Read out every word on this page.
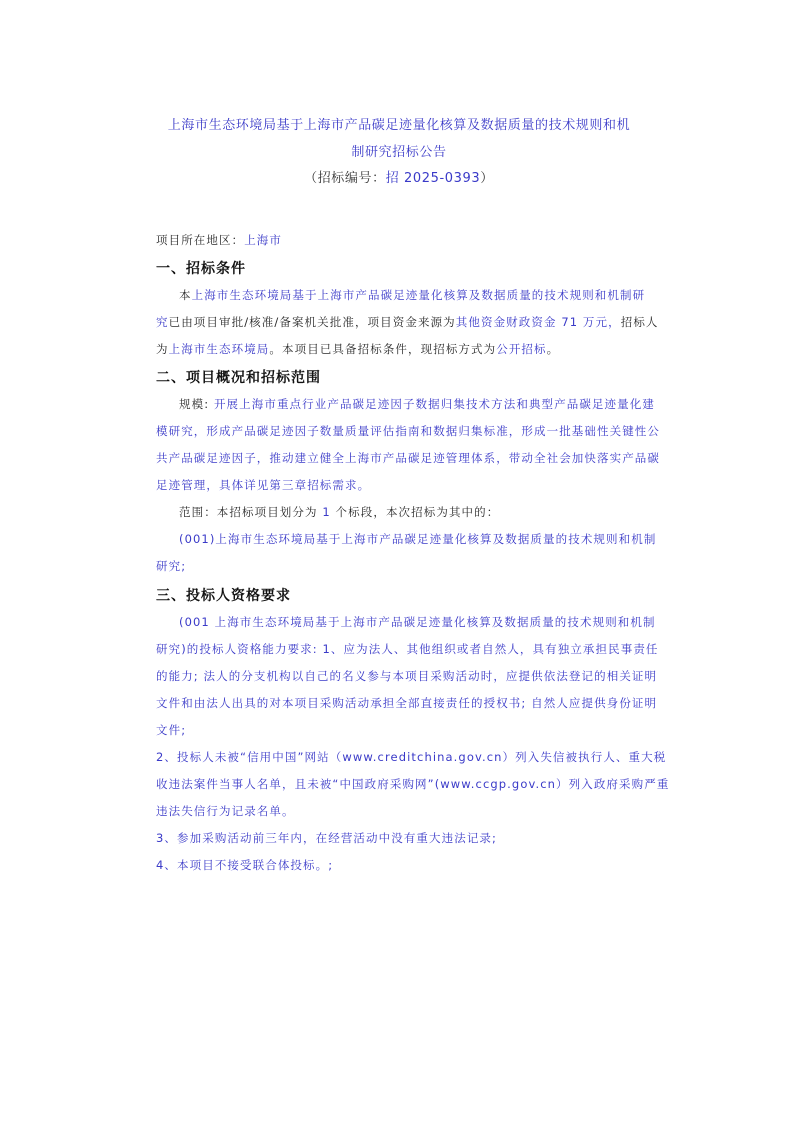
上海市生态环境局基于上海市产品碳足迹量化核算及数据质量的技术规则和机
制研究招标公告
（招标编号：招 2025-0393）
项目所在地区：上海市
一、招标条件
本上海市生态环境局基于上海市产品碳足迹量化核算及数据质量的技术规则和机制研
究已由项目审批/核准/备案机关批准，项目资金来源为其他资金财政资金 71 万元，招标人
为上海市生态环境局。本项目已具备招标条件，现招标方式为公开招标。
二、项目概况和招标范围
规模: 开展上海市重点行业产品碳足迹因子数据归集技术方法和典型产品碳足迹量化建
模研究，形成产品碳足迹因子数量质量评估指南和数据归集标准，形成一批基础性关键性公
共产品碳足迹因子，推动建立健全上海市产品碳足迹管理体系，带动全社会加快落实产品碳
足迹管理，具体详见第三章招标需求。
范围：本招标项目划分为 1 个标段，本次招标为其中的：
(001)上海市生态环境局基于上海市产品碳足迹量化核算及数据质量的技术规则和机制
研究;
三、投标人资格要求
(001 上海市生态环境局基于上海市产品碳足迹量化核算及数据质量的技术规则和机制
研究)的投标人资格能力要求: 1、应为法人、其他组织或者自然人，具有独立承担民事责任
的能力; 法人的分支机构以自己的名义参与本项目采购活动时，应提供依法登记的相关证明
文件和由法人出具的对本项目采购活动承担全部直接责任的授权书; 自然人应提供身份证明
文件;
2、投标人未被“信用中国”网站（www.creditchina.gov.cn）列入失信被执行人、重大税
收违法案件当事人名单，且未被“中国政府采购网”(www.ccgp.gov.cn）列入政府采购严重
违法失信行为记录名单。
3、参加采购活动前三年内，在经营活动中没有重大违法记录;
4、本项目不接受联合体投标。;
